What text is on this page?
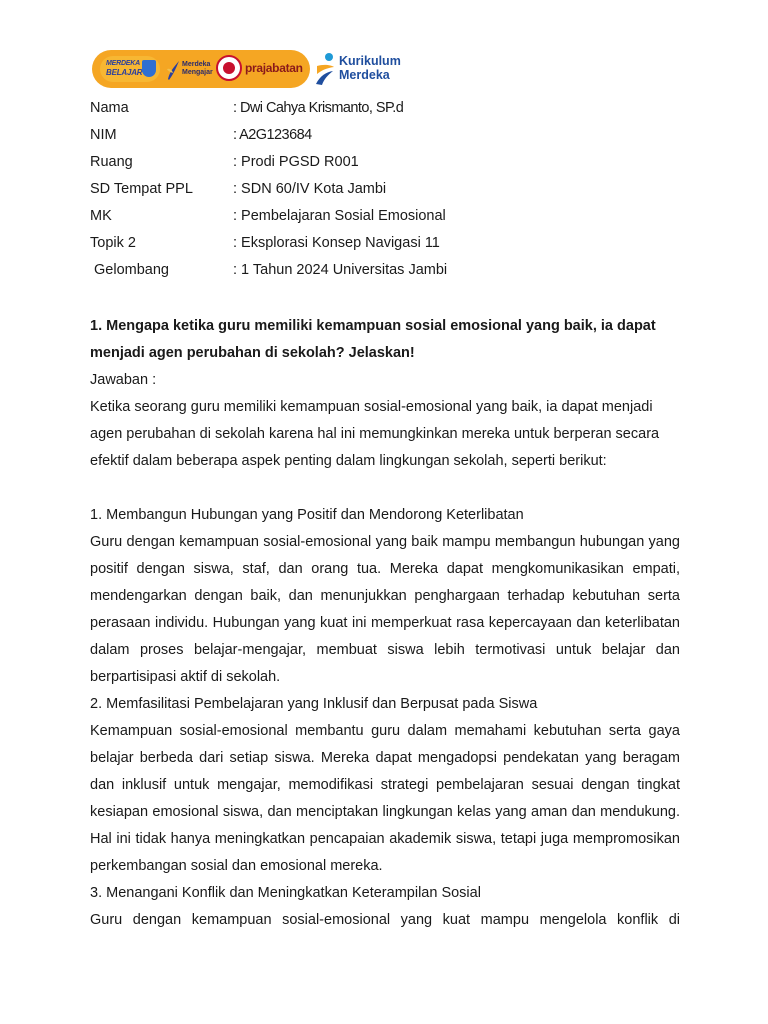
MERDEKA
BELAJAR
Merdeka
Mengajar	prajabatan	Kurikulum
Merdeka
Nama	: Dwi Cahya Krismanto, SP.d
NIM	: A2G123684
Ruang	: Prodi PGSD R001
SD Tempat PPL	: SDN 60/IV Kota Jambi
MK	: Pembelajaran Sosial Emosional
Topik 2	: Eksplorasi Konsep Navigasi 11
Gelombang	: 1 Tahun 2024 Universitas Jambi

1. Mengapa ketika guru memiliki kemampuan sosial emosional yang baik, ia dapat menjadi agen perubahan di sekolah? Jelaskan!

Jawaban :

Ketika seorang guru memiliki kemampuan sosial-emosional yang baik, ia dapat menjadi agen perubahan di sekolah karena hal ini memungkinkan mereka untuk berperan secara efektif dalam beberapa aspek penting dalam lingkungan sekolah, seperti berikut:

1. Membangun Hubungan yang Positif dan Mendorong Keterlibatan

Guru dengan kemampuan sosial-emosional yang baik mampu membangun hubungan yang positif dengan siswa, staf, dan orang tua. Mereka dapat mengkomunikasikan empati, mendengarkan dengan baik, dan menunjukkan penghargaan terhadap kebutuhan serta perasaan individu. Hubungan yang kuat ini memperkuat rasa kepercayaan dan keterlibatan dalam proses belajar-mengajar, membuat siswa lebih termotivasi untuk belajar dan berpartisipasi aktif di sekolah.

2. Memfasilitasi Pembelajaran yang Inklusif dan Berpusat pada Siswa

Kemampuan sosial-emosional membantu guru dalam memahami kebutuhan serta gaya belajar berbeda dari setiap siswa. Mereka dapat mengadopsi pendekatan yang beragam dan inklusif untuk mengajar, memodifikasi strategi pembelajaran sesuai dengan tingkat kesiapan emosional siswa, dan menciptakan lingkungan kelas yang aman dan mendukung. Hal ini tidak hanya meningkatkan pencapaian akademik siswa, tetapi juga mempromosikan perkembangan sosial dan emosional mereka.

3. Menangani Konflik dan Meningkatkan Keterampilan Sosial

Guru dengan kemampuan sosial-emosional yang kuat mampu mengelola konflik di
